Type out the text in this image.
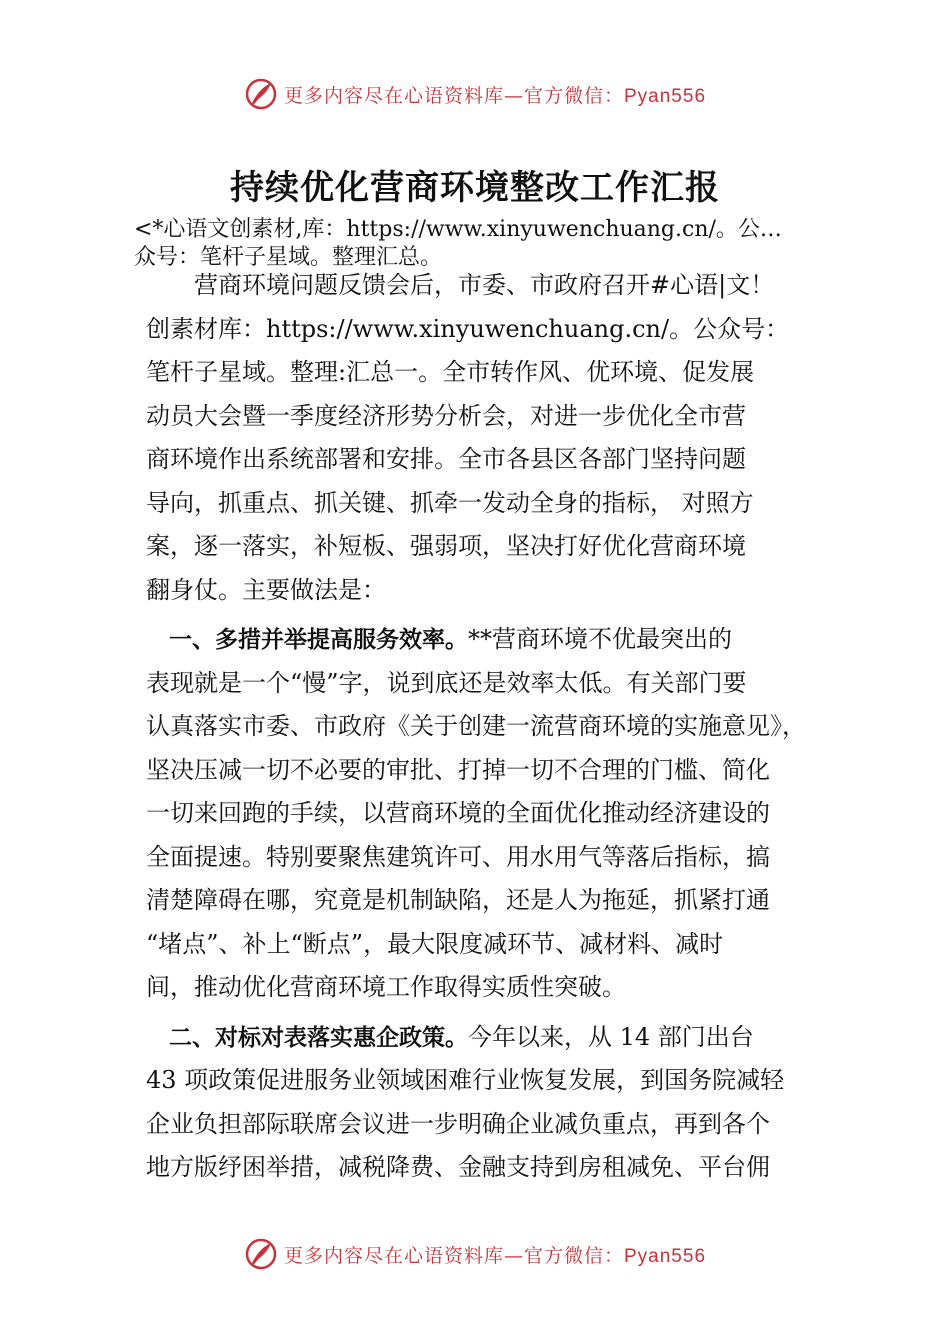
更多内容尽在心语资料库—官方微信：Pyan556
持续优化营商环境整改工作汇报
<*心语文创素材,库：https://www.xinyuwenchuang.cn/。公…
众号：笔杆子星域。整理汇总。
　　营商环境问题反馈会后，市委、市政府召开#心语|文！
创素材库：https://www.xinyuwenchuang.cn/。公众号：
笔杆子星域。整理:汇总一。全市转作风、优环境、促发展
动员大会暨一季度经济形势分析会，对进一步优化全市营
商环境作出系统部署和安排。全市各县区各部门坚持问题
导向，抓重点、抓关键、抓牵一发动全身的指标， 对照方
案，逐一落实，补短板、强弱项，坚决打好优化营商环境
翻身仗。主要做法是：
　一、多措并举提高服务效率。**营商环境不优最突出的
表现就是一个“慢”字，说到底还是效率太低。有关部门要
认真落实市委、市政府《关于创建一流营商环境的实施意见》，
坚决压减一切不必要的审批、打掉一切不合理的门槛、简化
一切来回跑的手续，以营商环境的全面优化推动经济建设的
全面提速。特别要聚焦建筑许可、用水用气等落后指标，搞
清楚障碍在哪，究竟是机制缺陷，还是人为拖延，抓紧打通
“堵点”、补上“断点”，最大限度减环节、减材料、减时
间，推动优化营商环境工作取得实质性突破。
　二、对标对表落实惠企政策。今年以来，从 14 部门出台
43 项政策促进服务业领域困难行业恢复发展，到国务院减轻
企业负担部际联席会议进一步明确企业减负重点，再到各个
地方版纾困举措，减税降费、金融支持到房租减免、平台佣
更多内容尽在心语资料库—官方微信：Pyan556
